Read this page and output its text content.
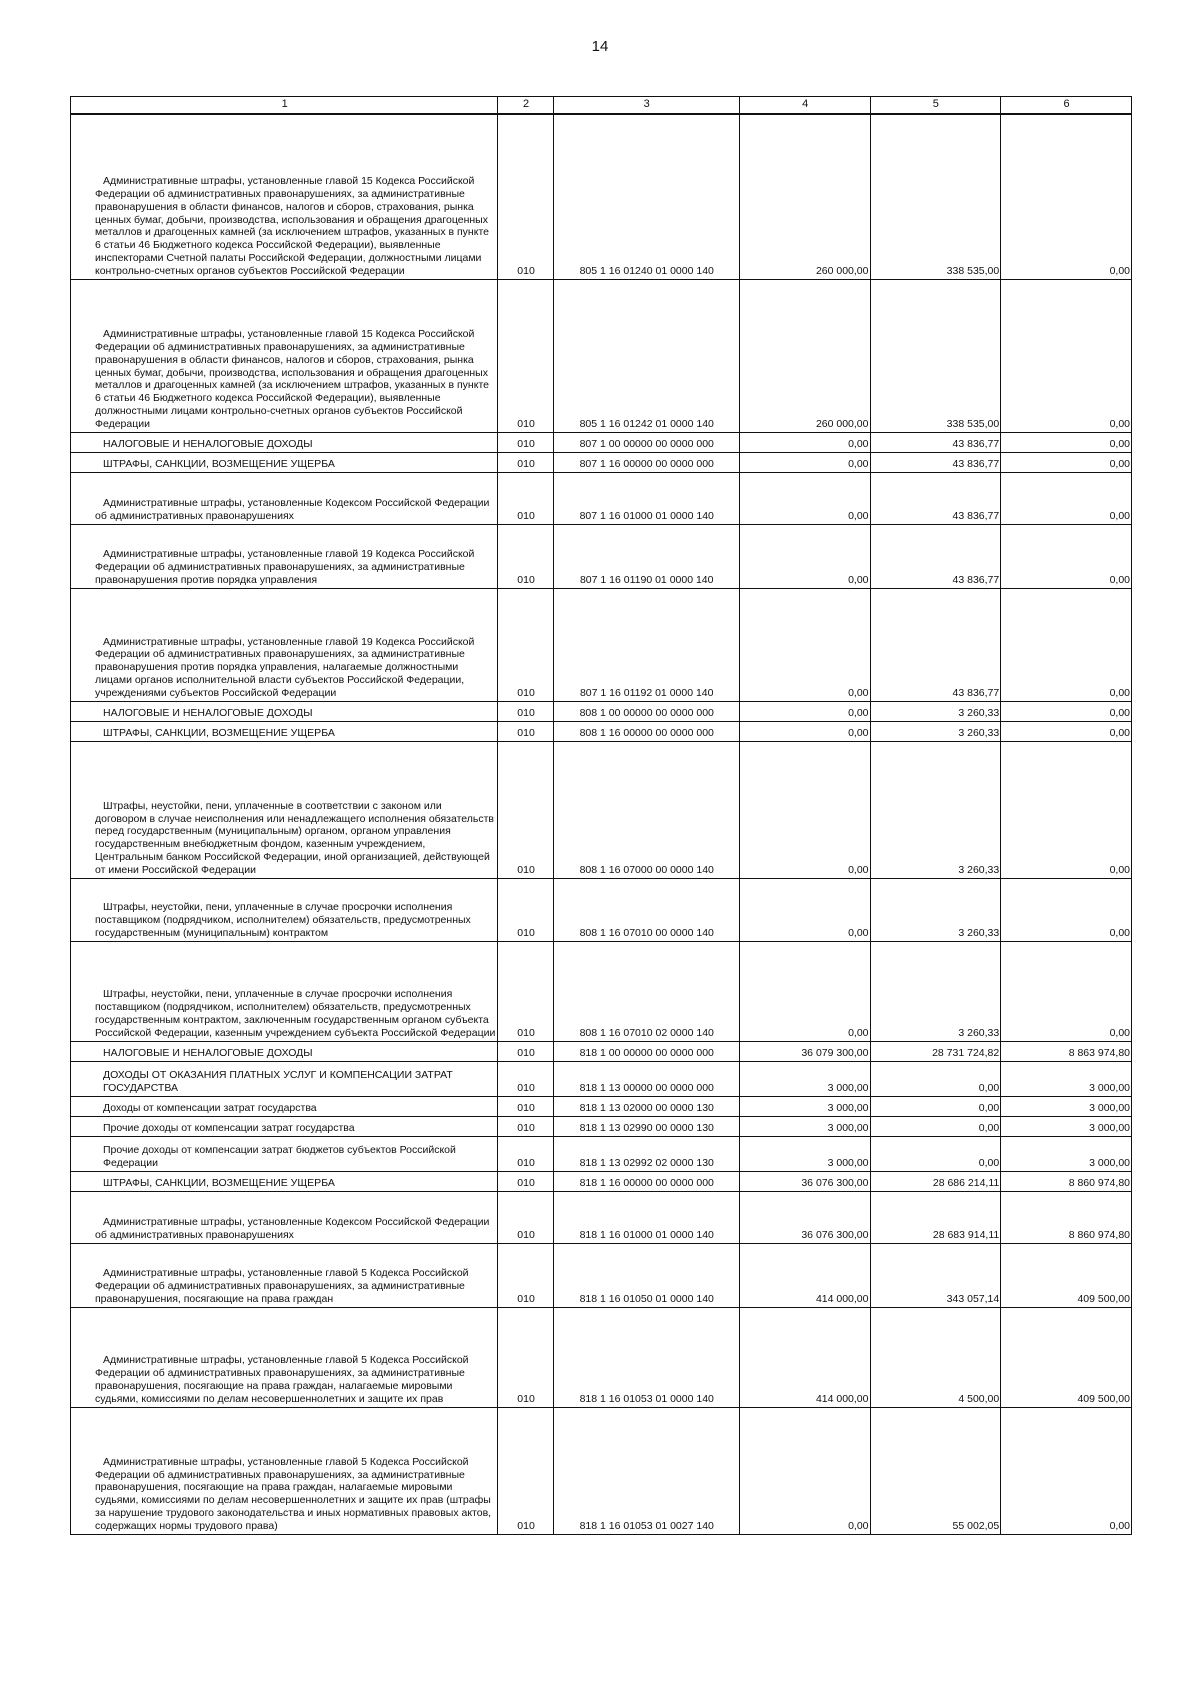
14
1	2	3	4	5	6
Административные штрафы, установленные главой 15 Кодекса Российской Федерации об административных правонарушениях, за административные правонарушения в области финансов, налогов и сборов, страхования, рынка ценных бумаг, добычи, производства, использования и обращения драгоценных металлов и драгоценных камней (за исключением штрафов, указанных в пункте 6 статьи 46 Бюджетного кодекса Российской Федерации), выявленные инспекторами Счетной палаты Российской Федерации, должностными лицами контрольно-счетных органов субъектов Российской Федерации	010	805 1 16 01240 01 0000 140	260 000,00	338 535,00	0,00
Административные штрафы, установленные главой 15 Кодекса Российской Федерации об административных правонарушениях, за административные правонарушения в области финансов, налогов и сборов, страхования, рынка ценных бумаг, добычи, производства, использования и обращения драгоценных металлов и драгоценных камней (за исключением штрафов, указанных в пункте 6 статьи 46 Бюджетного кодекса Российской Федерации), выявленные должностными лицами контрольно-счетных органов субъектов Российской Федерации	010	805 1 16 01242 01 0000 140	260 000,00	338 535,00	0,00
НАЛОГОВЫЕ И НЕНАЛОГОВЫЕ ДОХОДЫ	010	807 1 00 00000 00 0000 000	0,00	43 836,77	0,00
ШТРАФЫ, САНКЦИИ, ВОЗМЕЩЕНИЕ УЩЕРБА	010	807 1 16 00000 00 0000 000	0,00	43 836,77	0,00
Административные штрафы, установленные Кодексом Российской Федерации об административных правонарушениях	010	807 1 16 01000 01 0000 140	0,00	43 836,77	0,00
Административные штрафы, установленные главой 19 Кодекса Российской Федерации об административных правонарушениях, за административные правонарушения против порядка управления	010	807 1 16 01190 01 0000 140	0,00	43 836,77	0,00
Административные штрафы, установленные главой 19 Кодекса Российской Федерации об административных правонарушениях, за административные правонарушения против порядка управления, налагаемые должностными лицами органов исполнительной власти субъектов Российской Федерации, учреждениями субъектов Российской Федерации	010	807 1 16 01192 01 0000 140	0,00	43 836,77	0,00
НАЛОГОВЫЕ И НЕНАЛОГОВЫЕ ДОХОДЫ	010	808 1 00 00000 00 0000 000	0,00	3 260,33	0,00
ШТРАФЫ, САНКЦИИ, ВОЗМЕЩЕНИЕ УЩЕРБА	010	808 1 16 00000 00 0000 000	0,00	3 260,33	0,00
Штрафы, неустойки, пени, уплаченные в соответствии с законом или договором в случае неисполнения или ненадлежащего исполнения обязательств перед государственным (муниципальным) органом, органом управления государственным внебюджетным фондом, казенным учреждением, Центральным банком Российской Федерации, иной организацией, действующей от имени Российской Федерации	010	808 1 16 07000 00 0000 140	0,00	3 260,33	0,00
Штрафы, неустойки, пени, уплаченные в случае просрочки исполнения поставщиком (подрядчиком, исполнителем) обязательств, предусмотренных государственным (муниципальным) контрактом	010	808 1 16 07010 00 0000 140	0,00	3 260,33	0,00
Штрафы, неустойки, пени, уплаченные в случае просрочки исполнения поставщиком (подрядчиком, исполнителем) обязательств, предусмотренных государственным контрактом, заключенным государственным органом субъекта Российской Федерации, казенным учреждением субъекта Российской Федерации	010	808 1 16 07010 02 0000 140	0,00	3 260,33	0,00
НАЛОГОВЫЕ И НЕНАЛОГОВЫЕ ДОХОДЫ	010	818 1 00 00000 00 0000 000	36 079 300,00	28 731 724,82	8 863 974,80
ДОХОДЫ ОТ ОКАЗАНИЯ ПЛАТНЫХ УСЛУГ И КОМПЕНСАЦИИ ЗАТРАТ ГОСУДАРСТВА	010	818 1 13 00000 00 0000 000	3 000,00	0,00	3 000,00
Доходы от компенсации затрат государства	010	818 1 13 02000 00 0000 130	3 000,00	0,00	3 000,00
Прочие доходы от компенсации затрат государства	010	818 1 13 02990 00 0000 130	3 000,00	0,00	3 000,00
Прочие доходы от компенсации затрат бюджетов субъектов Российской Федерации	010	818 1 13 02992 02 0000 130	3 000,00	0,00	3 000,00
ШТРАФЫ, САНКЦИИ, ВОЗМЕЩЕНИЕ УЩЕРБА	010	818 1 16 00000 00 0000 000	36 076 300,00	28 686 214,11	8 860 974,80
Административные штрафы, установленные Кодексом Российской Федерации об административных правонарушениях	010	818 1 16 01000 01 0000 140	36 076 300,00	28 683 914,11	8 860 974,80
Административные штрафы, установленные главой 5 Кодекса Российской Федерации об административных правонарушениях, за административные правонарушения, посягающие на права граждан	010	818 1 16 01050 01 0000 140	414 000,00	343 057,14	409 500,00
Административные штрафы, установленные главой 5 Кодекса Российской Федерации об административных правонарушениях, за административные правонарушения, посягающие на права граждан, налагаемые мировыми судьями, комиссиями по делам несовершеннолетних и защите их прав	010	818 1 16 01053 01 0000 140	414 000,00	4 500,00	409 500,00
Административные штрафы, установленные главой 5 Кодекса Российской Федерации об административных правонарушениях, за административные правонарушения, посягающие на права граждан, налагаемые мировыми судьями, комиссиями по делам несовершеннолетних и защите их прав (штрафы за нарушение трудового законодательства и иных нормативных правовых актов, содержащих нормы трудового права)	010	818 1 16 01053 01 0027 140	0,00	55 002,05	0,00
